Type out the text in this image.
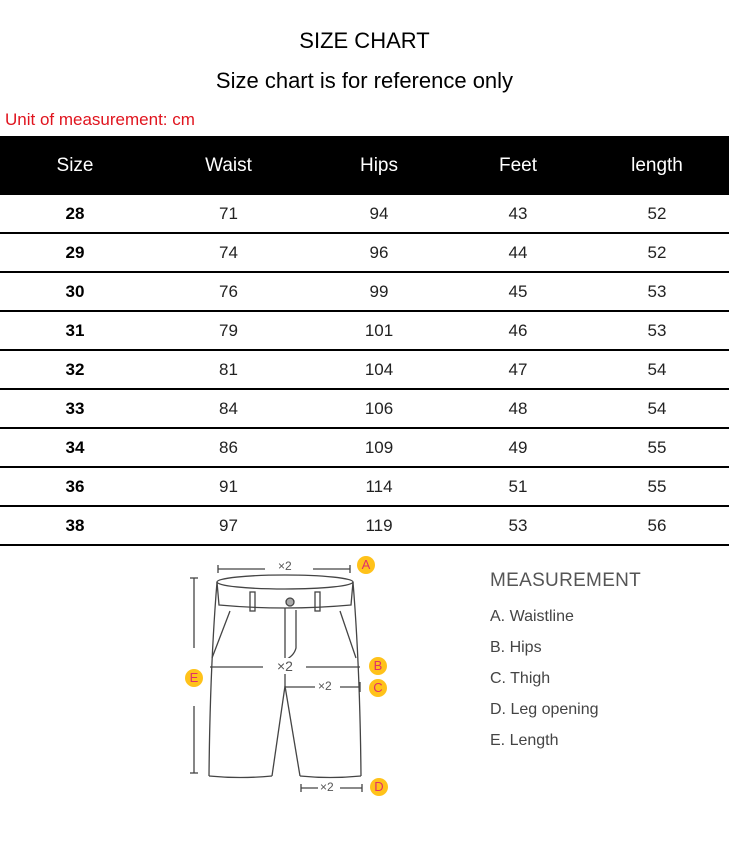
SIZE CHART
Size chart is for reference only
Unit of measurement: cm
Size	Waist	Hips	Feet	length
28	71	94	43	52
29	74	96	44	52
30	76	99	45	53
31	79	101	46	53
32	81	104	47	54
33	84	106	48	54
34	86	109	49	55
36	91	114	51	55
38	97	119	53	56
×2
×2
×2
×2
A
B
C
D
E
MEASUREMENT
A. Waistline
B. Hips
C. Thigh
D. Leg opening
E. Length
